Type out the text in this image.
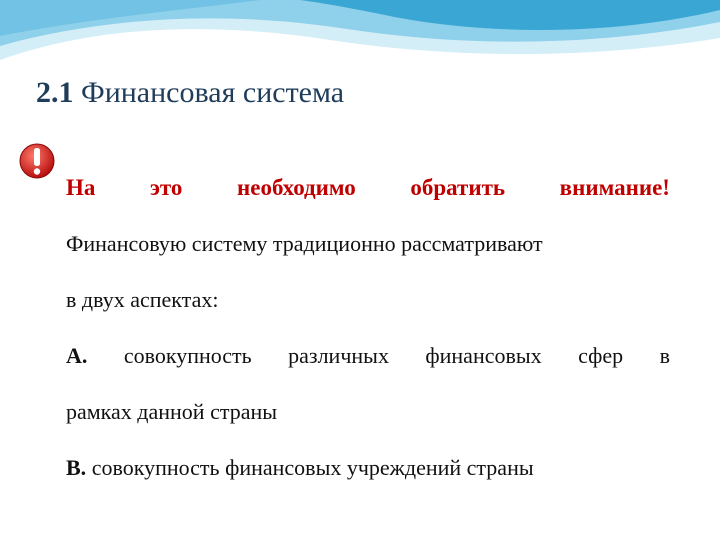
2.1 Финансовая система
На это необходимо обратить внимание!
Финансовую систему традиционно рассматривают
в двух аспектах:
А. совокупность различных финансовых сфер в
рамках данной страны
В. совокупность финансовых учреждений страны
